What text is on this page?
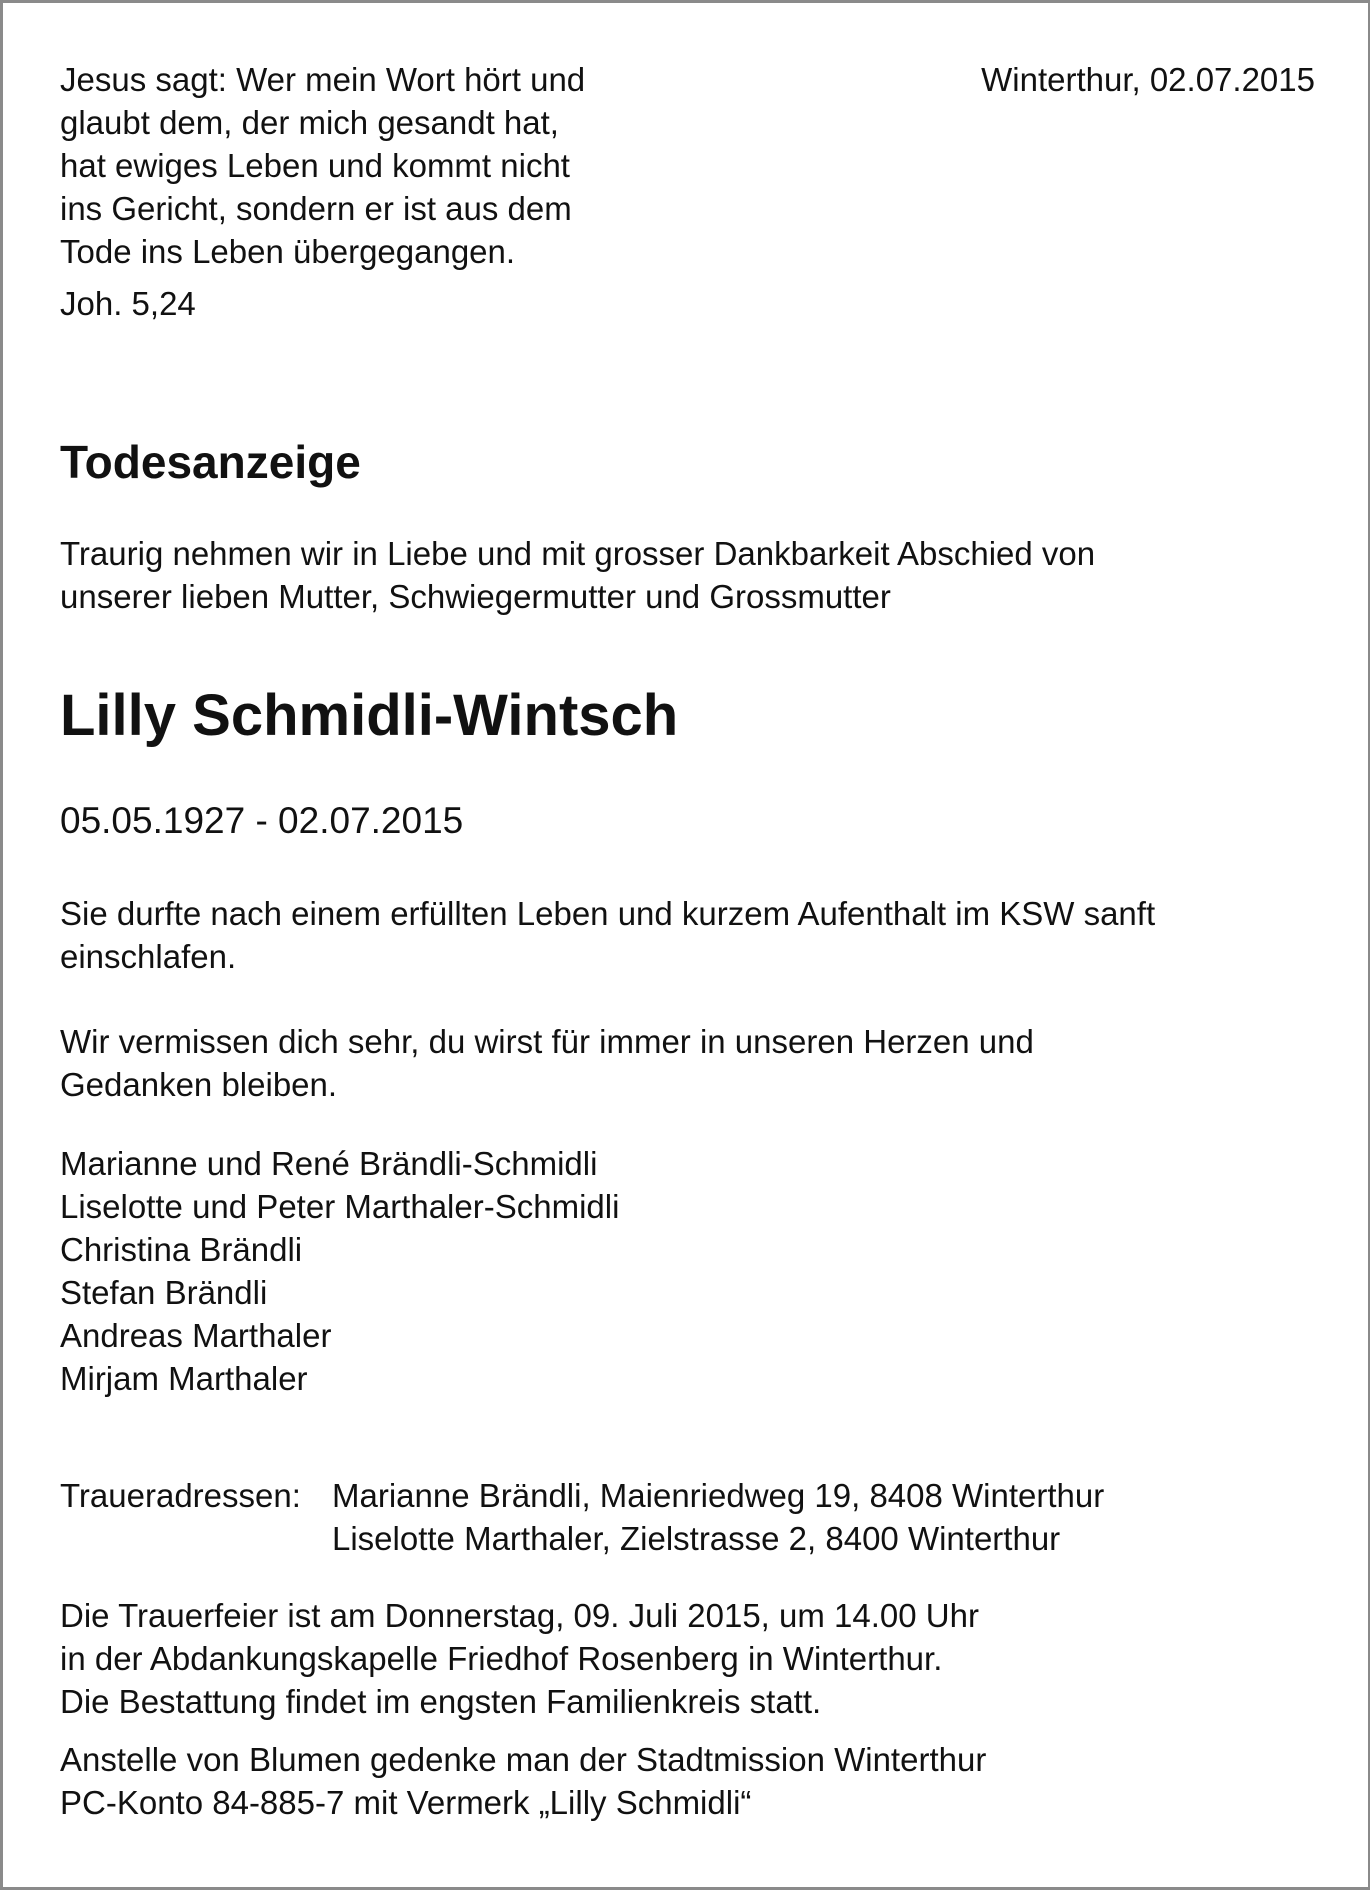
Jesus sagt: Wer mein Wort hört und
glaubt dem, der mich gesandt hat,
hat ewiges Leben und kommt nicht
ins Gericht, sondern er ist aus dem
Tode ins Leben übergegangen.
Joh. 5,24
Winterthur, 02.07.2015
Todesanzeige
Traurig nehmen wir in Liebe und mit grosser Dankbarkeit Abschied von
unserer lieben Mutter, Schwiegermutter und Grossmutter
Lilly Schmidli-Wintsch
05.05.1927 - 02.07.2015
Sie durfte nach einem erfüllten Leben und kurzem Aufenthalt im KSW sanft
einschlafen.
Wir vermissen dich sehr, du wirst für immer in unseren Herzen und
Gedanken bleiben.
Marianne und René Brändli-Schmidli
Liselotte und Peter Marthaler-Schmidli
Christina Brändli
Stefan Brändli
Andreas Marthaler
Mirjam Marthaler
Traueradressen: Marianne Brändli, Maienriedweg 19, 8408 Winterthur
Liselotte Marthaler, Zielstrasse 2, 8400 Winterthur
Die Trauerfeier ist am Donnerstag, 09. Juli 2015, um 14.00 Uhr
in der Abdankungskapelle Friedhof Rosenberg in Winterthur.
Die Bestattung findet im engsten Familienkreis statt.
Anstelle von Blumen gedenke man der Stadtmission Winterthur
PC-Konto 84-885-7 mit Vermerk „Lilly Schmidli“
